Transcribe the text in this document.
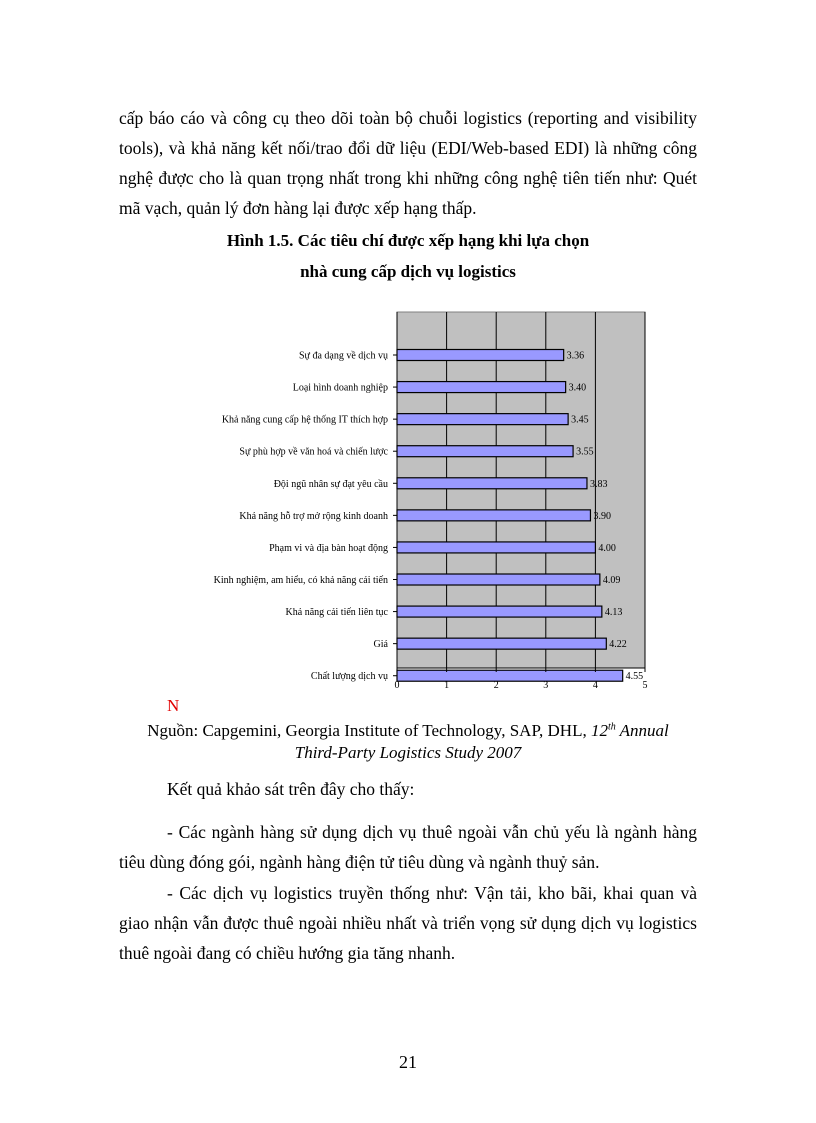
cấp báo cáo và công cụ theo dõi toàn bộ chuỗi logistics (reporting and visibility tools), và khả năng kết nối/trao đổi dữ liệu (EDI/Web-based EDI) là những công nghệ được cho là quan trọng nhất trong khi những công nghệ tiên tiến như: Quét mã vạch, quản lý đơn hàng lại được xếp hạng thấp.

Hình 1.5. Các tiêu chí được xếp hạng khi lựa chọn

nhà cung cấp dịch vụ logistics

Sự đa dạng về dịch vụ	3.36
Loại hình doanh nghiệp	3.40
Khả năng cung cấp hệ thống IT thích hợp	3.45
Sự phù hợp về văn hoá và chiến lược	3.55
Đội ngũ nhân sự đạt yêu cầu	3.83
Khả năng hỗ trợ mở rộng kinh doanh	3.90
Phạm vi và địa bàn hoạt động	4.00
Kinh nghiệm, am hiểu, có khả năng cải tiến	4.09
Khả năng cải tiến liên tục	4.13
Giá	4.22
Chất lượng dịch vụ	4.55
0	1	2	3	4	5
N

Nguồn: Capgemini, Georgia Institute of Technology, SAP, DHL, 12th Annual

Third-Party Logistics Study 2007

Kết quả khảo sát trên đây cho thấy:

- Các ngành hàng sử dụng dịch vụ thuê ngoài vẫn chủ yếu là ngành hàng tiêu dùng đóng gói, ngành hàng điện tử tiêu dùng và ngành thuỷ sản.

- Các dịch vụ logistics truyền thống như: Vận tải, kho bãi, khai quan và giao nhận vẫn được thuê ngoài nhiều nhất và triển vọng sử dụng dịch vụ logistics thuê ngoài đang có chiều hướng gia tăng nhanh.

21
